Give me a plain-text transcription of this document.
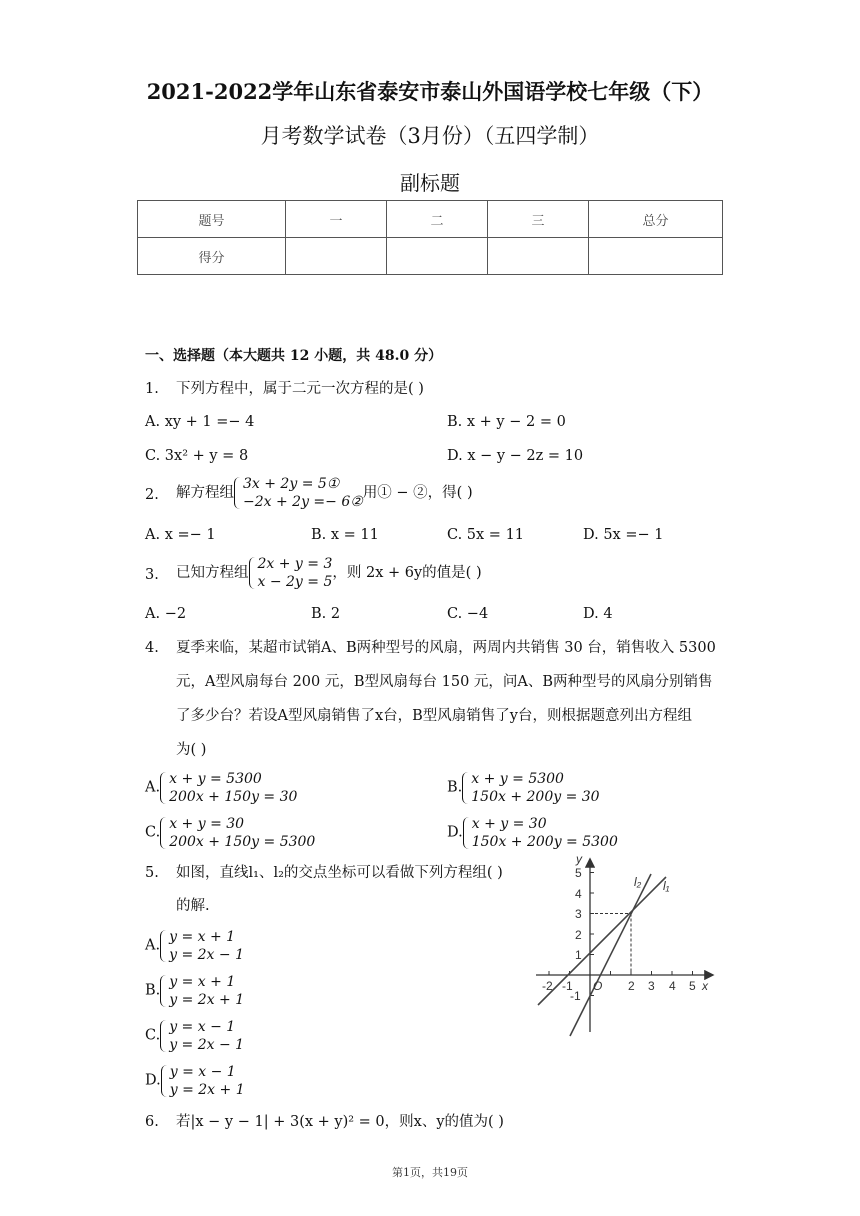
2021-2022学年山东省泰安市泰山外国语学校七年级（下）
月考数学试卷（3月份）（五四学制）
副标题
题号	一	二	三	总分
得分				
一、选择题（本大题共 12 小题，共 48.0 分）
1. 下列方程中，属于二元一次方程的是( )
A. xy + 1 =− 4	B. x + y − 2 = 0
C. 3x² + y = 8	D. x − y − 2z = 10
2. 解方程组
3x + 2y = 5①
−2x + 2y =− 6②
用① − ②，得( )
A. x =− 1	B. x = 11	C. 5x = 11	D. 5x =− 1
3. 已知方程组
2x + y = 3
x − 2y = 5
，则 2x + 6y的值是( )
A. −2	B. 2	C. −4	D. 4
4. 夏季来临，某超市试销A、B两种型号的风扇，两周内共销售 30 台，销售收入 5300
元，A型风扇每台 200 元，B型风扇每台 150 元，问A、B两种型号的风扇分别销售
了多少台？若设A型风扇销售了x台，B型风扇销售了y台，则根据题意列出方程组
为( )
A.
x + y = 5300
200x + 150y = 30
B.
x + y = 5300
150x + 200y = 30
C.
x + y = 30
200x + 150y = 5300
D.
x + y = 30
150x + 200y = 5300
5. 如图，直线l₁、l₂的交点坐标可以看做下列方程组( )
的解.
A.
y = x + 1
y = 2x − 1
B.
y = x + 1
y = 2x + 1
C.
y = x − 1
y = 2x − 1
D.
y = x − 1
y = 2x + 1
x
y
O
-2 -1	2 3 4 5
5
4
3
2
1
-1
l₂ l₁
6. 若|x − y − 1| + 3(x + y)² = 0，则x、y的值为( )
第1页，共19页
